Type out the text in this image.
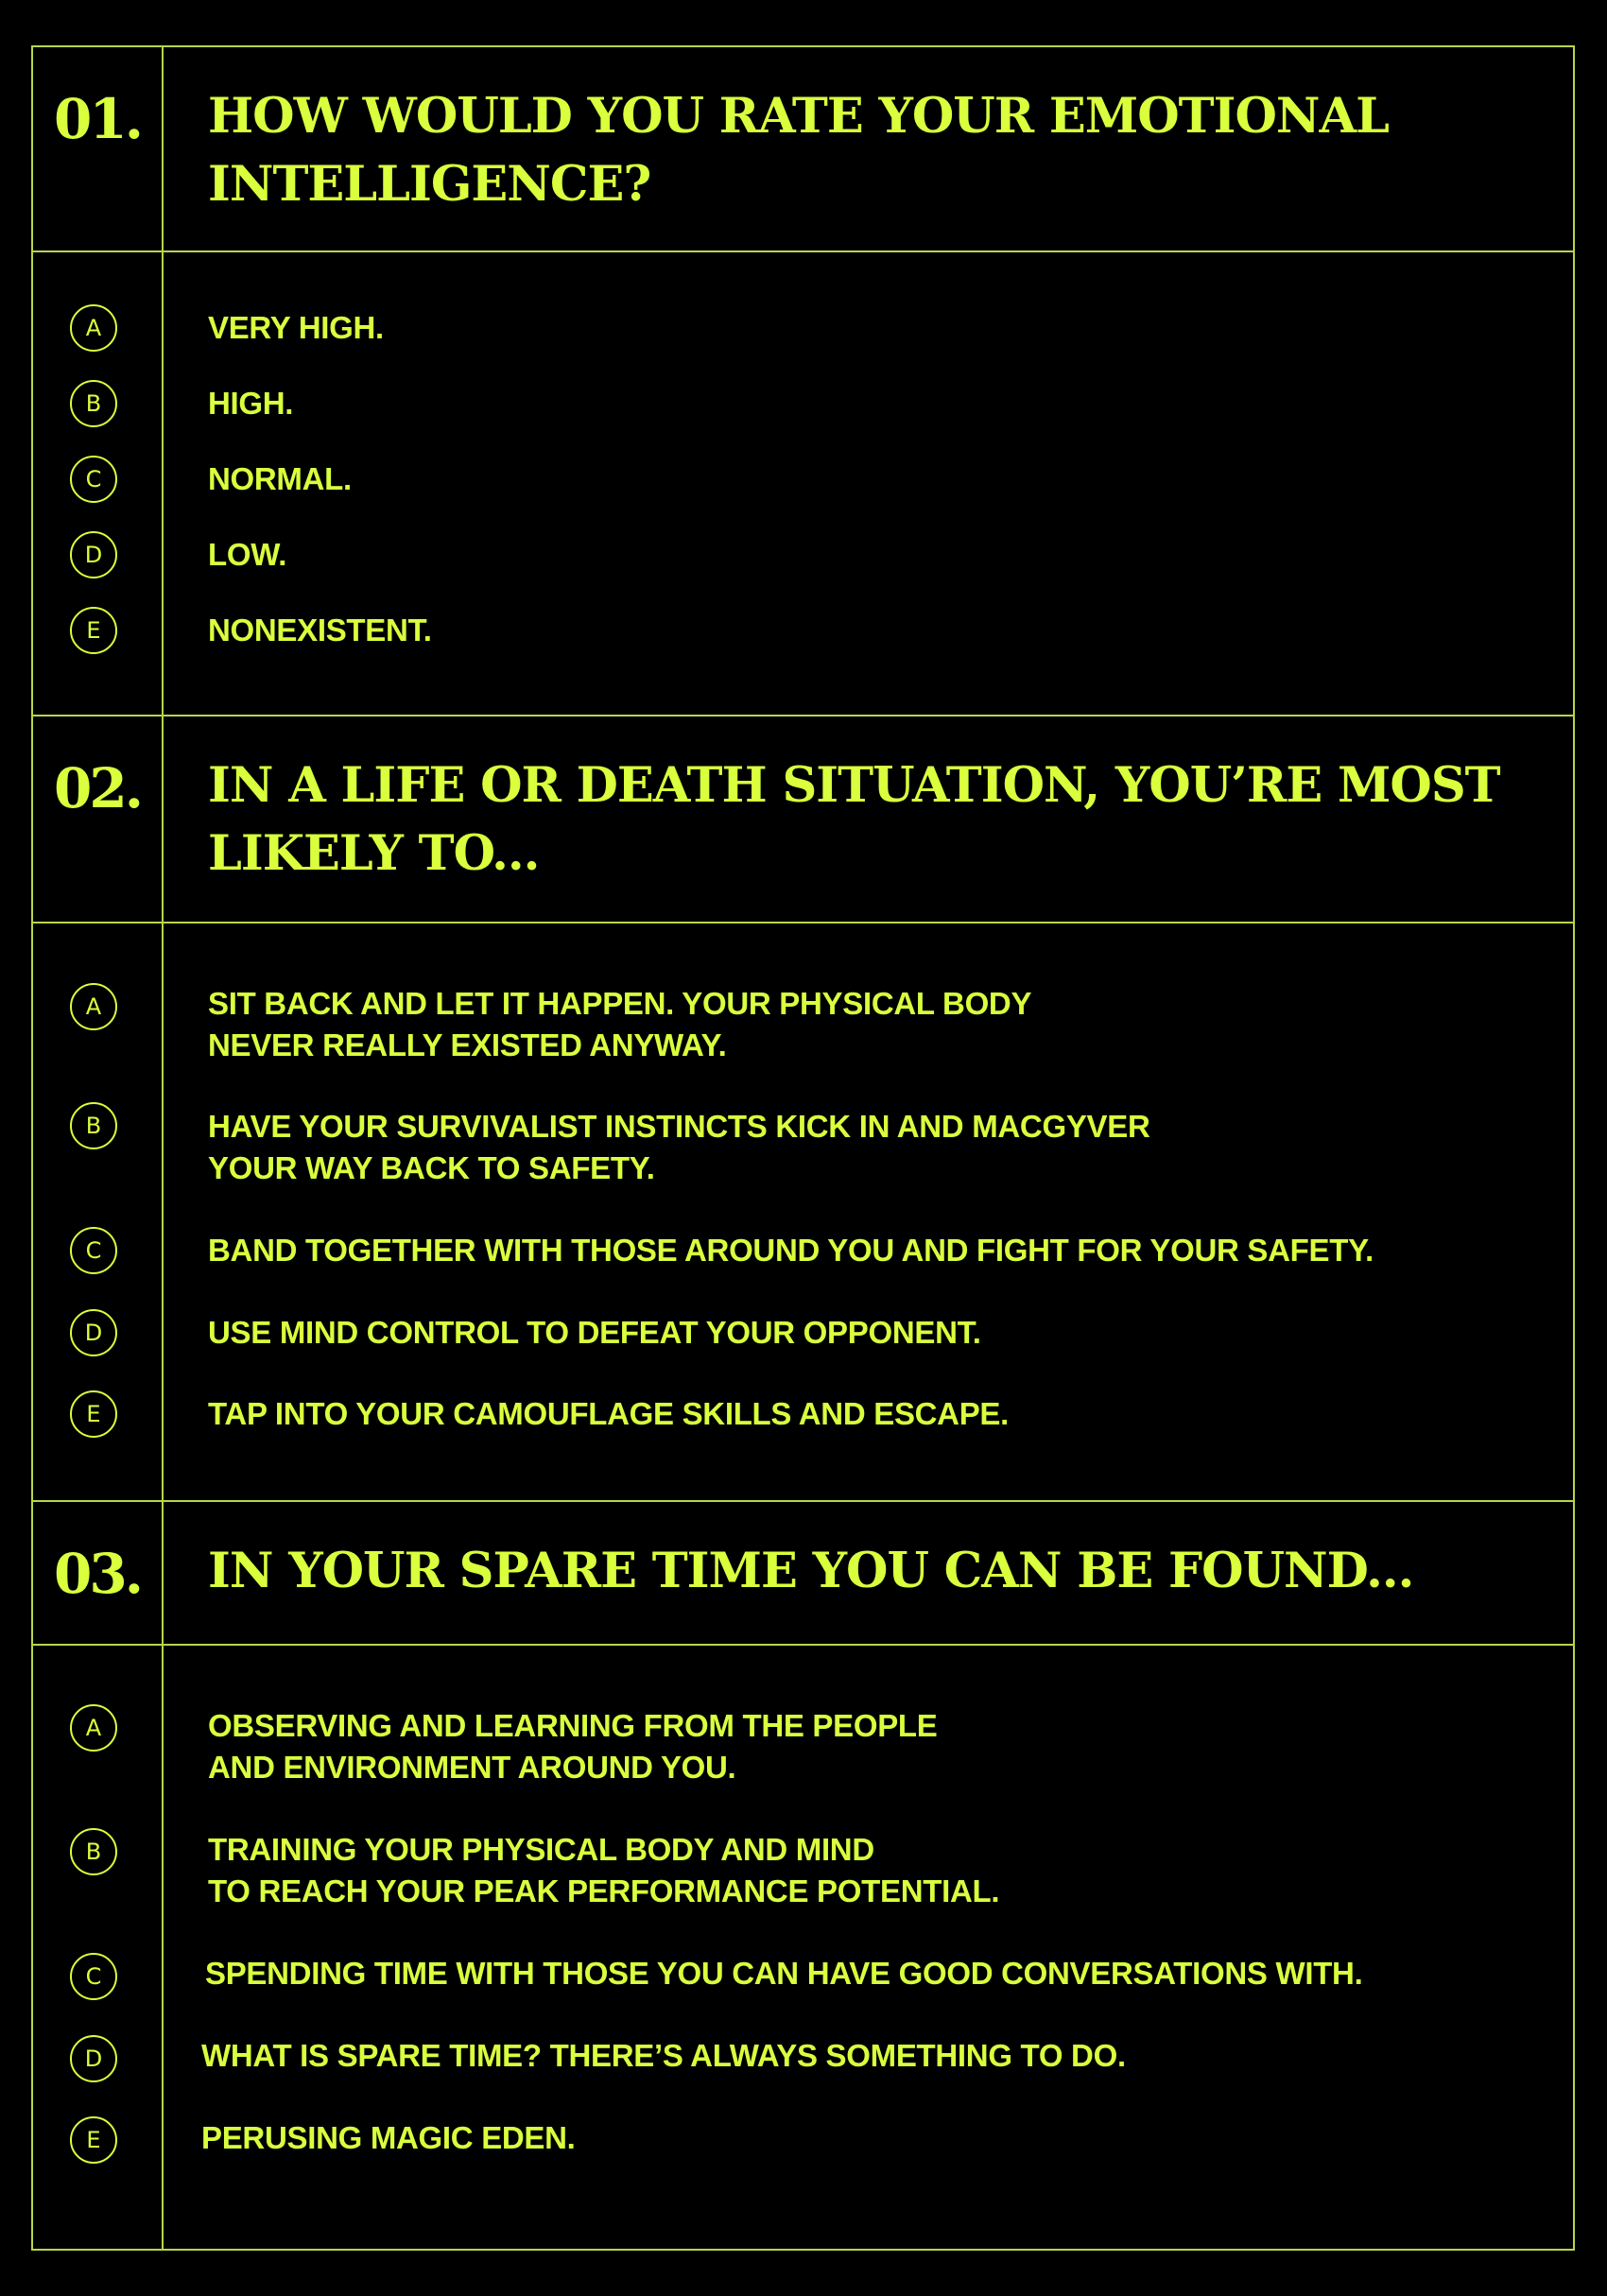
01.	HOW WOULD YOU RATE YOUR EMOTIONAL
INTELLIGENCE?
A	VERY HIGH.
B	HIGH.
C	NORMAL.
D	LOW.
E	NONEXISTENT.
02.	IN A LIFE OR DEATH SITUATION, YOU’RE MOST
LIKELY TO...
A	SIT BACK AND LET IT HAPPEN. YOUR PHYSICAL BODY
NEVER REALLY EXISTED ANYWAY.
B	HAVE YOUR SURVIVALIST INSTINCTS KICK IN AND MACGYVER
YOUR WAY BACK TO SAFETY.
C	BAND TOGETHER WITH THOSE AROUND YOU AND FIGHT FOR YOUR SAFETY.
D	USE MIND CONTROL TO DEFEAT YOUR OPPONENT.
E	TAP INTO YOUR CAMOUFLAGE SKILLS AND ESCAPE.
03.	IN YOUR SPARE TIME YOU CAN BE FOUND...
A	OBSERVING AND LEARNING FROM THE PEOPLE
AND ENVIRONMENT AROUND YOU.
B	TRAINING YOUR PHYSICAL BODY AND MIND
TO REACH YOUR PEAK PERFORMANCE POTENTIAL.
C	SPENDING TIME WITH THOSE YOU CAN HAVE GOOD CONVERSATIONS WITH.
D	WHAT IS SPARE TIME? THERE’S ALWAYS SOMETHING TO DO.
E	PERUSING MAGIC EDEN.
